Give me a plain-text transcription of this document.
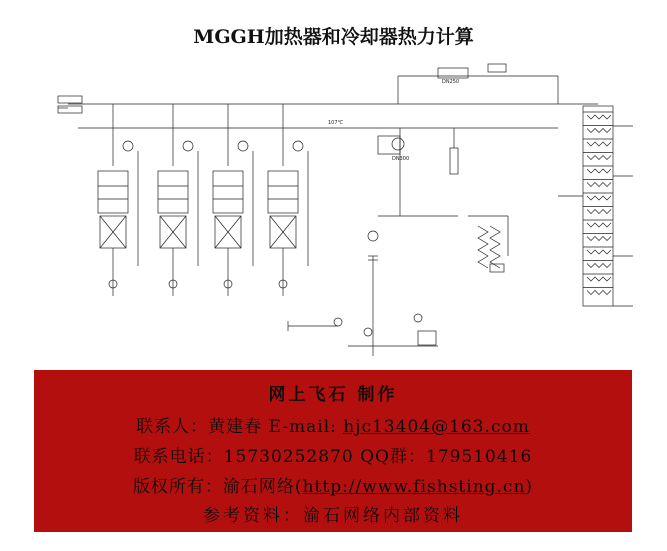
MGGH加热器和冷却器热力计算
107℃
DN250
DN300
网上飞石 制作
联系人：黄建春 E-mail: hjc13404@163.com
联系电话：15730252870 QQ群：179510416
版权所有：渝石网络(http://www.fishsting.cn)
参考资料：渝石网络内部资料
